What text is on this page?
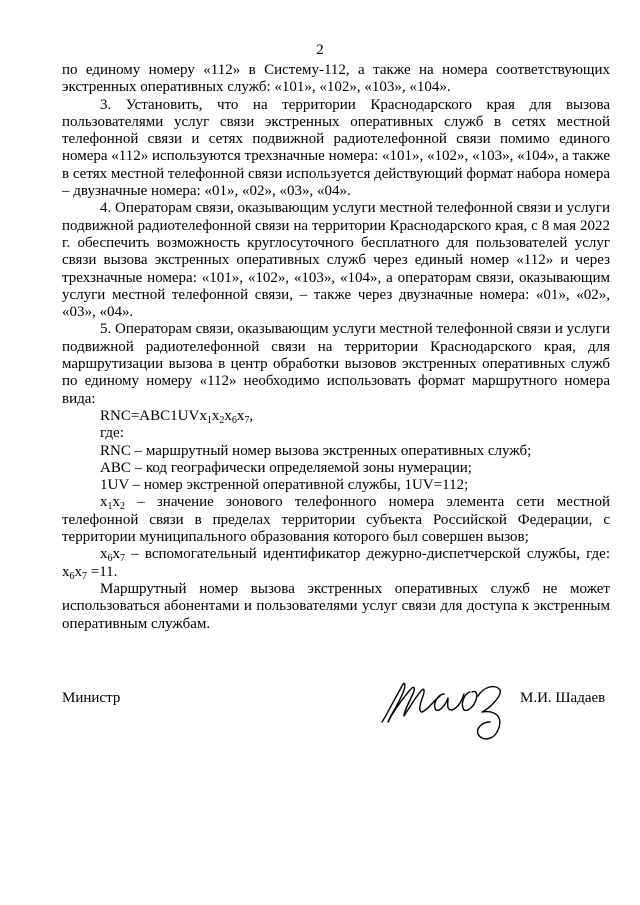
2

по единому номеру «112» в Систему-112, а также на номера соответствующих экстренных оперативных служб: «101», «102», «103», «104».

3. Установить, что на территории Краснодарского края для вызова пользователями услуг связи экстренных оперативных служб в сетях местной телефонной связи и сетях подвижной радиотелефонной связи помимо единого номера «112» используются трехзначные номера: «101», «102», «103», «104», а также в сетях местной телефонной связи используется действующий формат набора номера – двузначные номера: «01», «02», «03», «04».

4. Операторам связи, оказывающим услуги местной телефонной связи и услуги подвижной радиотелефонной связи на территории Краснодарского края, с 8 мая 2022 г. обеспечить возможность круглосуточного бесплатного для пользователей услуг связи вызова экстренных оперативных служб через единый номер «112» и через трехзначные номера: «101», «102», «103», «104», а операторам связи, оказывающим услуги местной телефонной связи, – также через двузначные номера: «01», «02», «03», «04».

5. Операторам связи, оказывающим услуги местной телефонной связи и услуги подвижной радиотелефонной связи на территории Краснодарского края, для маршрутизации вызова в центр обработки вызовов экстренных оперативных служб по единому номеру «112» необходимо использовать формат маршрутного номера вида:

$RNC=ABC1UVx_1x_2x_6x_7$,

где:

RNC – маршрутный номер вызова экстренных оперативных служб;

ABC – код географически определяемой зоны нумерации;

1UV – номер экстренной оперативной службы, 1UV=112;

$x_1x_2$ – значение зонового телефонного номера элемента сети местной телефонной связи в пределах территории субъекта Российской Федерации, с территории муниципального образования которого был совершен вызов;

$x_6x_7$ – вспомогательный идентификатор дежурно-диспетчерской службы, где: $x_6x_7 =11$.

Маршрутный номер вызова экстренных оперативных служб не может использоваться абонентами и пользователями услуг связи для доступа к экстренным оперативным службам.

Министр	М.И. Шадаев
